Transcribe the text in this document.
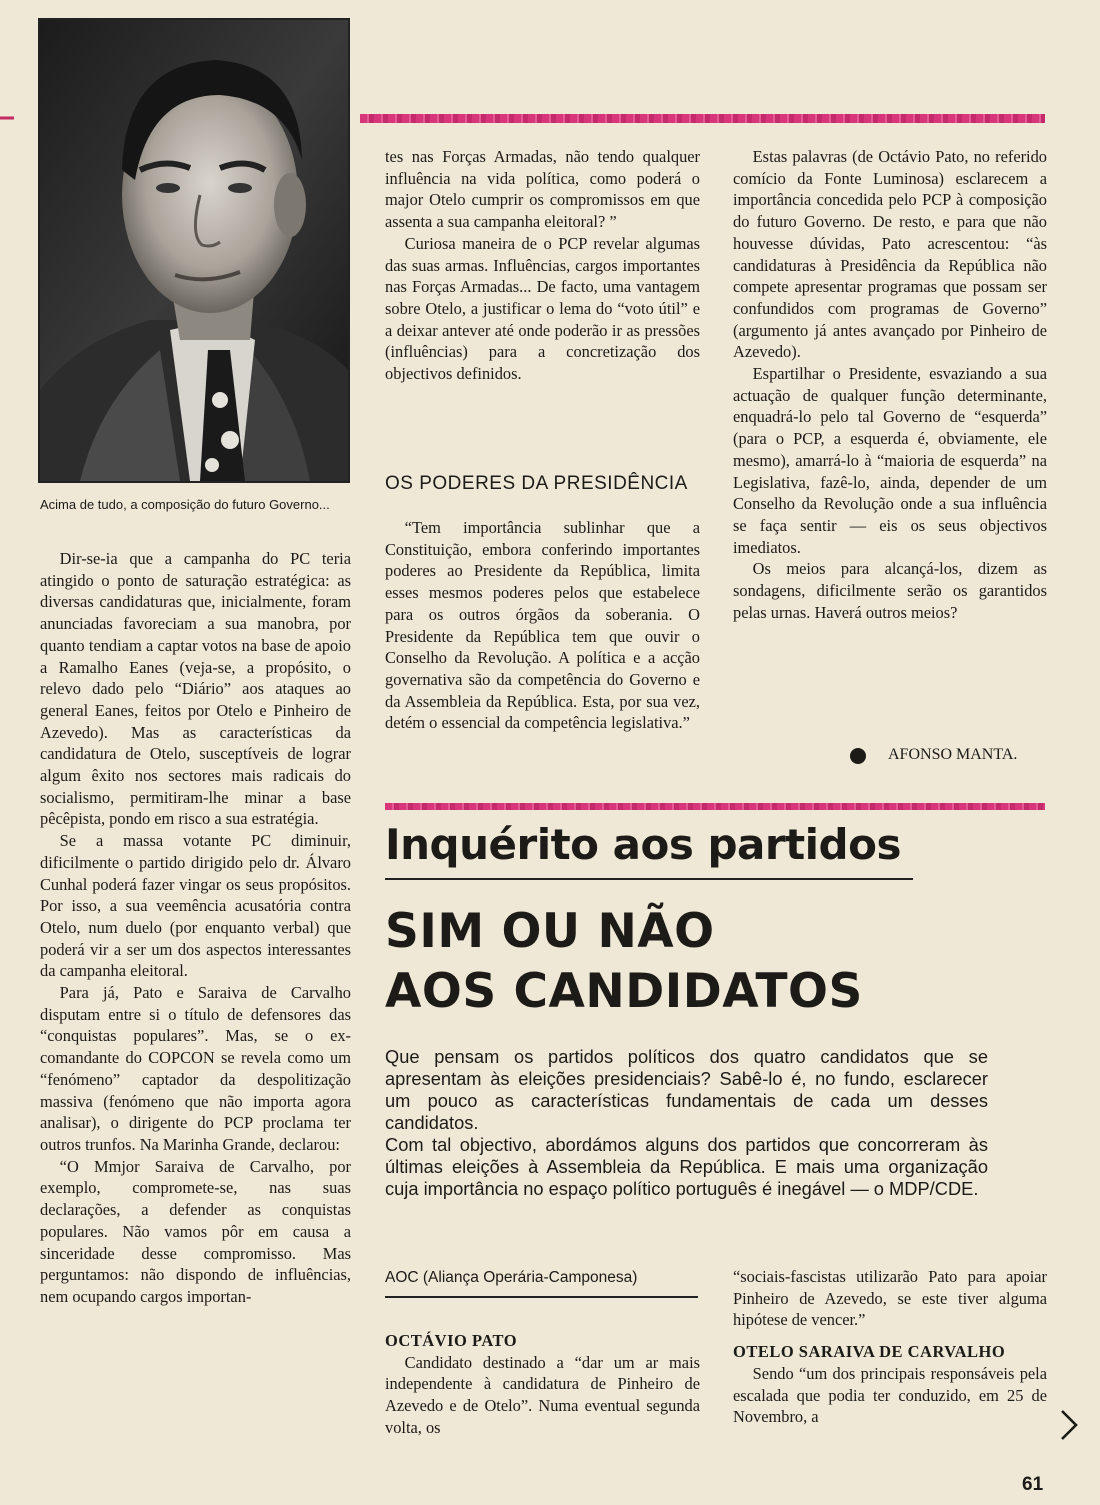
Acima de tudo, a composição do futuro Governo...

Dir-se-ia que a campanha do PC teria atingido o ponto de saturação estratégica: as diversas candidaturas que, inicialmente, foram anunciadas favoreciam a sua manobra, por quanto tendiam a captar votos na base de apoio a Ramalho Eanes (veja-se, a propósito, o relevo dado pelo “Diário” aos ataques ao general Eanes, feitos por Otelo e Pinheiro de Azevedo). Mas as características da candidatura de Otelo, susceptíveis de lograr algum êxito nos sectores mais radicais do socialismo, permitiram-lhe minar a base pêcêpista, pondo em risco a sua estratégia.

Se a massa votante PC diminuir, dificilmente o partido dirigido pelo dr. Álvaro Cunhal poderá fazer vingar os seus propósitos. Por isso, a sua veemência acusatória contra Otelo, num duelo (por enquanto verbal) que poderá vir a ser um dos aspectos interessantes da campanha eleitoral.

Para já, Pato e Saraiva de Carvalho disputam entre si o título de defensores das “conquistas populares”. Mas, se o ex-comandante do COPCON se revela como um “fenómeno” captador da despolitização massiva (fenómeno que não importa agora analisar), o dirigente do PCP proclama ter outros trunfos. Na Marinha Grande, declarou:

“O Mmjor Saraiva de Carvalho, por exemplo, compromete-se, nas suas declarações, a defender as conquistas populares. Não vamos pôr em causa a sinceridade desse compromisso. Mas perguntamos: não dispondo de influências, nem ocupando cargos importan-

tes nas Forças Armadas, não tendo qualquer influência na vida política, como poderá o major Otelo cumprir os compromissos em que assenta a sua campanha eleitoral? ”

Curiosa maneira de o PCP revelar algumas das suas armas. Influências, cargos importantes nas Forças Armadas... De facto, uma vantagem sobre Otelo, a justificar o lema do “voto útil” e a deixar antever até onde poderão ir as pressões (influências) para a concretização dos objectivos definidos.

OS PODERES DA PRESIDÊNCIA

“Tem importância sublinhar que a Constituição, embora conferindo importantes poderes ao Presidente da República, limita esses mesmos poderes pelos que estabelece para os outros órgãos da soberania. O Presidente da República tem que ouvir o Conselho da Revolução. A política e a acção governativa são da competência do Governo e da Assembleia da República. Esta, por sua vez, detém o essencial da competência legislativa.”

Estas palavras (de Octávio Pato, no referido comício da Fonte Luminosa) esclarecem a importância concedida pelo PCP à composição do futuro Governo. De resto, e para que não houvesse dúvidas, Pato acrescentou: “às candidaturas à Presidência da República não compete apresentar programas que possam ser confundidos com programas de Governo” (argumento já antes avançado por Pinheiro de Azevedo).

Espartilhar o Presidente, esvaziando a sua actuação de qualquer função determinante, enquadrá-lo pelo tal Governo de “esquerda” (para o PCP, a esquerda é, obviamente, ele mesmo), amarrá-lo à “maioria de esquerda” na Legislativa, fazê-lo, ainda, depender de um Conselho da Revolução onde a sua influência se faça sentir — eis os seus objectivos imediatos.

Os meios para alcançá-los, dizem as sondagens, dificilmente serão os garantidos pelas urnas. Haverá outros meios?

AFONSO MANTA.
Inquérito aos partidos
SIM OU NÃO
AOS CANDIDATOS

Que pensam os partidos políticos dos quatro candidatos que se apresentam às eleições presidenciais? Sabê-lo é, no fundo, esclarecer um pouco as características fundamentais de cada um desses candidatos.

Com tal objectivo, abordámos alguns dos partidos que concorreram às últimas eleições à Assembleia da República. E mais uma organização cuja importância no espaço político português é inegável — o MDP/CDE.

AOC (Aliança Operária-Camponesa)
OCTÁVIO PATO

Candidato destinado a “dar um ar mais independente à candidatura de Pinheiro de Azevedo e de Otelo”. Numa eventual segunda volta, os

“sociais-fascistas utilizarão Pato para apoiar Pinheiro de Azevedo, se este tiver alguma hipótese de vencer.”

OTELO SARAIVA DE CARVALHO

Sendo “um dos principais responsáveis pela escalada que podia ter conduzido, em 25 de Novembro, a

61
